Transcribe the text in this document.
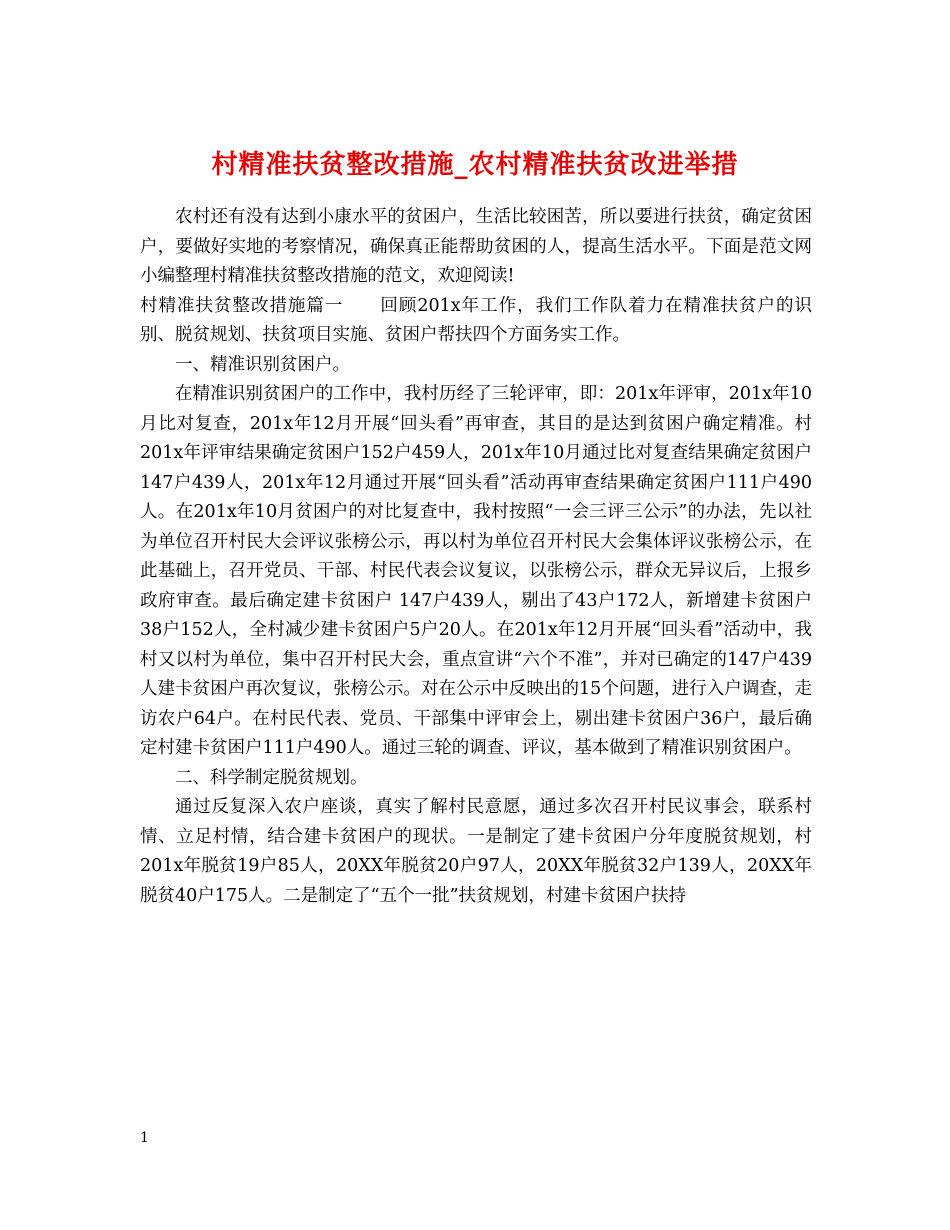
村精准扶贫整改措施_农村精准扶贫改进举措

农村还有没有达到小康水平的贫困户，生活比较困苦，所以要进行扶贫，确定贫困户，要做好实地的考察情况，确保真正能帮助贫困的人，提高生活水平。下面是范文网小编整理村精准扶贫整改措施的范文，欢迎阅读!

村精准扶贫整改措施篇一　　回顾201x年工作，我们工作队着力在精准扶贫户的识别、脱贫规划、扶贫项目实施、贫困户帮扶四个方面务实工作。

一、精准识别贫困户。

在精准识别贫困户的工作中，我村历经了三轮评审，即：201x年评审，201x年10月比对复查，201x年12月开展“回头看”再审查，其目的是达到贫困户确定精准。村201x年评审结果确定贫困户152户459人，201x年10月通过比对复查结果确定贫困户147户439人，201x年12月通过开展“回头看”活动再审查结果确定贫困户111户490人。在201x年10月贫困户的对比复查中，我村按照“一会三评三公示”的办法，先以社为单位召开村民大会评议张榜公示，再以村为单位召开村民大会集体评议张榜公示，在此基础上，召开党员、干部、村民代表会议复议，以张榜公示，群众无异议后，上报乡政府审查。最后确定建卡贫困户 147户439人，剔出了43户172人，新增建卡贫困户38户152人，全村减少建卡贫困户5户20人。在201x年12月开展“回头看”活动中，我村又以村为单位，集中召开村民大会，重点宣讲“六个不准”，并对已确定的147户439人建卡贫困户再次复议，张榜公示。对在公示中反映出的15个问题，进行入户调查，走访农户64户。在村民代表、党员、干部集中评审会上，剔出建卡贫困户36户，最后确定村建卡贫困户111户490人。通过三轮的调查、评议，基本做到了精准识别贫困户。

二、科学制定脱贫规划。

通过反复深入农户座谈，真实了解村民意愿，通过多次召开村民议事会，联系村情、立足村情，结合建卡贫困户的现状。一是制定了建卡贫困户分年度脱贫规划，村201x年脱贫19户85人，20XX年脱贫20户97人，20XX年脱贫32户139人，20XX年脱贫40户175人。二是制定了“五个一批”扶贫规划，村建卡贫困户扶持

1
